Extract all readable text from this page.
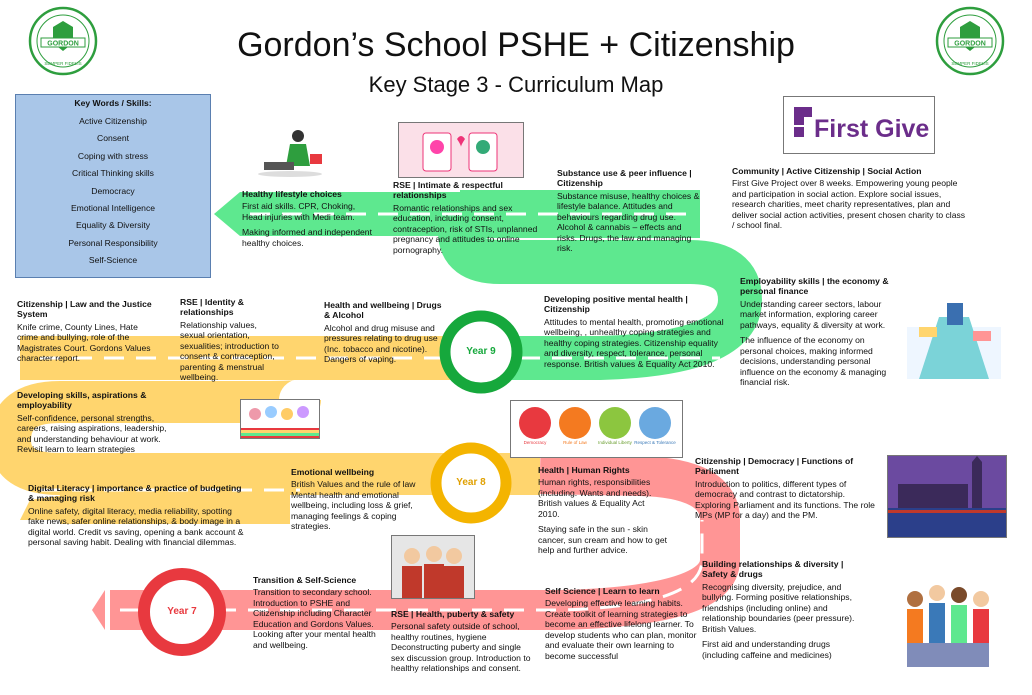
Year 9
Year 8
Year 7
GORDON
SEMPER FIDELIS
GORDON
SEMPER FIDELIS
Gordon’s School PSHE + Citizenship
Key Stage 3 - Curriculum Map
Key Words / Skills:
Active Citizenship
Consent
Coping with stress
Critical Thinking skills
Democracy
Emotional Intelligence
Equality & Diversity
Personal Responsibility
Self-Science
First Give
Democracy	Rule of Law	Individual Liberty Respect & Tolerance
Healthy lifestyle choices
First aid skills. CPR, Choking, Head injuries with Medi team.
Making informed and independent healthy choices.
RSE | Intimate & respectful relationships
Romantic relationships and sex education, including consent, contraception, risk of STIs, unplanned pregnancy and attitudes to online pornography.
Substance use & peer influence | Citizenship
Substance misuse, healthy choices & lifestyle balance. Attitudes and behaviours regarding drug use. Alcohol & cannabis – effects and risks. Drugs, the law and managing risk.
Community | Active Citizenship | Social Action
First Give Project over 8 weeks. Empowering young people and participation in social action. Explore social issues, research charities, meet charity representatives, plan and deliver social action activities, present chosen charity to class / school final.
Employability skills | the economy & personal finance
Understanding career sectors, labour market information, exploring career pathways, equality & diversity at work.
The influence of the economy on personal choices, making informed decisions, understanding personal influence on the economy & managing financial risk.
Developing positive mental health | Citizenship
Attitudes to mental health, promoting emotional wellbeing, , unhealthy coping strategies and healthy coping strategies. Citizenship equality and diversity, respect, tolerance, personal response. British values & Equality Act 2010.
Health and wellbeing | Drugs & Alcohol
Alcohol and drug misuse and pressures relating to drug use (Inc. tobacco and nicotine). Dangers of vaping.
RSE | Identity & relationships
Relationship values, sexual orientation, sexualities; introduction to consent & contraception, parenting & menstrual wellbeing.
Citizenship | Law and the Justice System
Knife crime, County Lines, Hate crime and bullying, role of the Magistrates Court. Gordons Values character report.
Developing skills, aspirations & employability
Self-confidence, personal strengths, careers, raising aspirations, leadership, and understanding behaviour at work. Revisit learn to learn strategies
Emotional wellbeing
British Values and the rule of law Mental health and emotional wellbeing, including loss & grief, managing feelings & coping strategies.
Health | Human Rights
Human rights, responsibilities (including. Wants and needs). British values & Equality Act 2010.
Staying safe in the sun - skin cancer, sun cream and how to get help and further advice.
Citizenship | Democracy | Functions of Parliament
Introduction to politics, different types of democracy and contrast to dictatorship. Exploring Parliament and its functions. The role MPs (MP for a day) and the PM.
Digital Literacy | importance & practice of budgeting & managing risk
Online safety, digital literacy, media reliability, spotting fake news, safer online relationships, & body image in a digital world. Credit vs saving, opening a bank account & personal saving habit. Dealing with financial dilemmas.
Transition & Self-Science
Transition to secondary school. Introduction to PSHE and Citizenship including Character Education and Gordons Values. Looking after your mental health and wellbeing.
RSE | Health, puberty & safety
Personal safety outside of school, healthy routines, hygiene Deconstructing puberty and single sex discussion group. Introduction to healthy relationships and consent.
Self Science | Learn to learn
Developing effective learning habits. Create toolkit of learning strategies to become an effective lifelong learner. To develop students who can plan, monitor and evaluate their own learning to become successful
Building relationships & diversity | Safety & drugs
Recognising diversity, prejudice, and bullying. Forming positive relationships, friendships (including online) and relationship boundaries (peer pressure). British Values.
First aid and understanding drugs (including caffeine and medicines)
